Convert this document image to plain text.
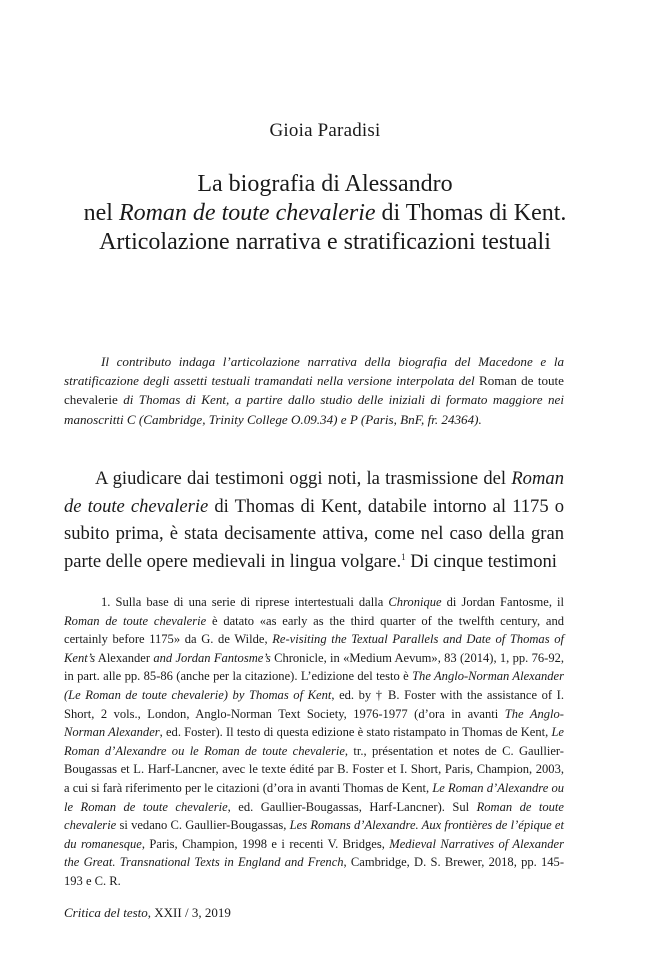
Gioia Paradisi
La biografia di Alessandro
nel Roman de toute chevalerie di Thomas di Kent.
Articolazione narrativa e stratificazioni testuali
Il contributo indaga l’articolazione narrativa della biografia del Macedone e la stratificazione degli assetti testuali tramandati nella versione interpolata del Roman de toute chevalerie di Thomas di Kent, a partire dallo studio delle iniziali di formato maggiore nei manoscritti C (Cambridge, Trinity College O.09.34) e P (Paris, BnF, fr. 24364).
A giudicare dai testimoni oggi noti, la trasmissione del Roman de toute chevalerie di Thomas di Kent, databile intorno al 1175 o subito prima, è stata decisamente attiva, come nel caso della gran parte delle opere medievali in lingua volgare.$^1$ Di cinque testimoni
1. Sulla base di una serie di riprese intertestuali dalla Chronique di Jordan Fantosme, il Roman de toute chevalerie è datato «as early as the third quarter of the twelfth century, and certainly before 1175» da G. de Wilde, Re-visiting the Textual Parallels and Date of Thomas of Kent’s Alexander and Jordan Fantosme’s Chronicle, in «Medium Aevum», 83 (2014), 1, pp. 76-92, in part. alle pp. 85-86 (anche per la citazione). L’edizione del testo è The Anglo-Norman Alexander (Le Roman de toute chevalerie) by Thomas of Kent, ed. by † B. Foster with the assistance of I. Short, 2 vols., London, Anglo-Norman Text Society, 1976-1977 (d’ora in avanti The Anglo-Norman Alexander, ed. Foster). Il testo di questa edizione è stato ristampato in Thomas de Kent, Le Roman d’Alexandre ou le Roman de toute chevalerie, tr., présentation et notes de C. Gaullier-Bougassas et L. Harf-Lancner, avec le texte édité par B. Foster et I. Short, Paris, Champion, 2003, a cui si farà riferimento per le citazioni (d’ora in avanti Thomas de Kent, Le Roman d’Alexandre ou le Roman de toute chevalerie, ed. Gaullier-Bougassas, Harf-Lancner). Sul Roman de toute chevalerie si vedano C. Gaullier-Bougassas, Les Romans d’Alexandre. Aux frontières de l’épique et du romanesque, Paris, Champion, 1998 e i recenti V. Bridges, Medieval Narratives of Alexander the Great. Transnational Texts in England and French, Cambridge, D. S. Brewer, 2018, pp. 145-193 e C. R.
Critica del testo, XXII / 3, 2019
